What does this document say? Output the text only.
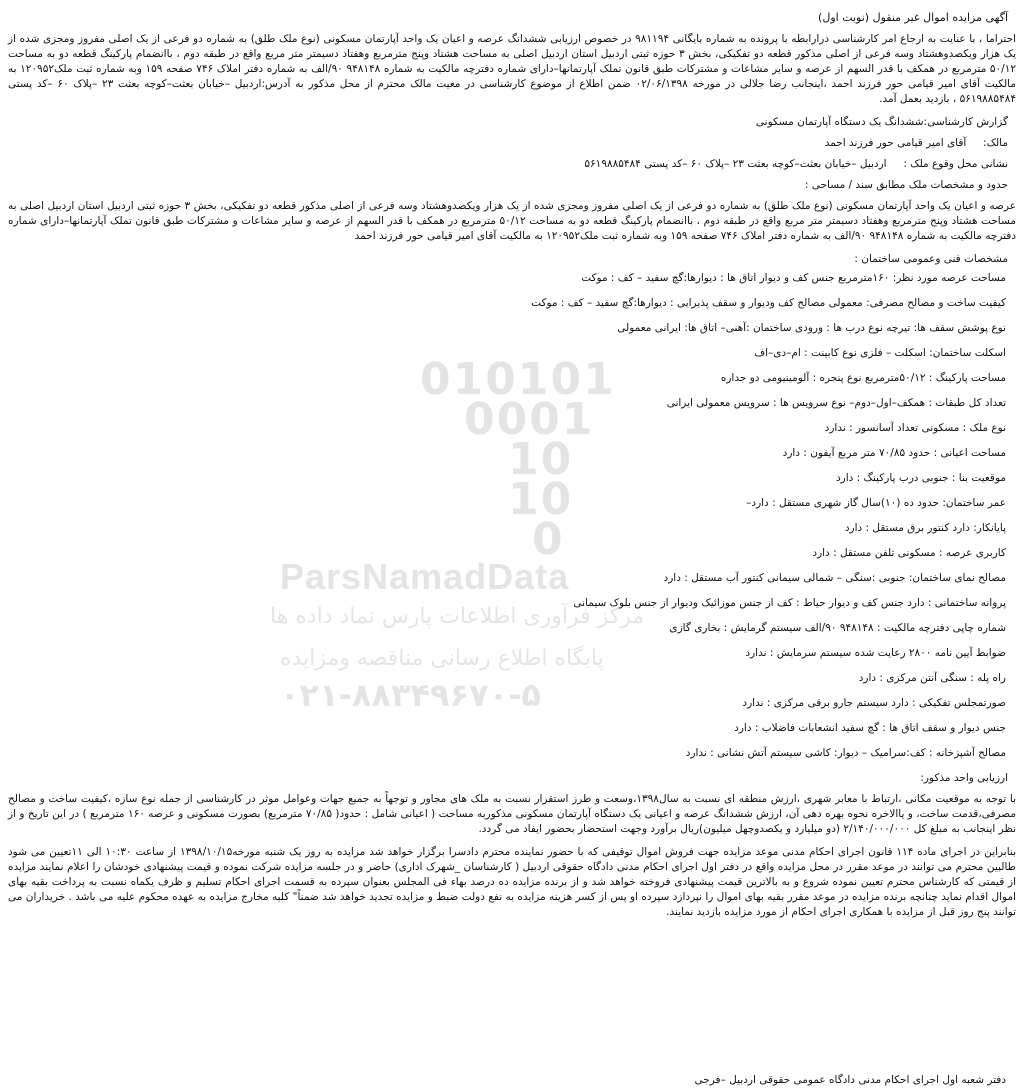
آگهی مزایده اموال غیر منقول (نوبت اول)

احتراما ، با عنایت به ارجاع امر کارشناسی درارابطه با پرونده به شماره بایگانی ۹۸۱۱۹۴ در خصوص ارزیابی ششدانگ عرصه و اعیان یک واحد آپارتمان مسکونی (نوع ملک طلق) به شماره دو فرعی از یک اصلی مفروز ومجزی شده از یک هزار ویکصدوهشتاد وسه فرعی از اصلی مذکور قطعه دو تفکیکی، بخش ۳ حوزه ثبتی اردبیل استان اردبیل اصلی به مساحت هشتاد وپنج مترمربع وهفتاد دسیمتر متر مربع واقع در طبقه دوم ، باانضمام پارکینگ قطعه دو به مساحت ۵۰/۱۲ مترمربع در همکف با قدر السهم از عرصه و سایر مشاعات و مشترکات طبق قانون تملک آپارتمانها–دارای شماره دفترچه مالکیت به شماره ۹۴۸۱۴۸ ۹۰/الف به شماره دفتر املاک ۷۴۶ صفحه ۱۵۹ وبه شماره ثبت ملک۱۲۰۹۵۲ به مالکیت آقای امیر قیامی حور فرزند احمد ،اینجانب رضا جلالی در مورخه ۰۲/۰۶/۱۳۹۸ ضمن اطلاع از موضوع کارشناسی در معیت مالک محترم از محل مذکور به آدرس:اردبیل –خیابان بعثت–کوچه بعثت ۲۳ –پلاک ۶۰ –کد پستی ۵۶۱۹۸۸۵۴۸۴ ، بازدید بعمل آمد.

گزارش کارشناسی:ششدانگ یک دستگاه آپارتمان مسکونی

مالک:     آقای امیر قیامی حور فرزند احمد

نشانی محل وقوع ملک :     اردبیل –خیابان بعثت–کوچه بعثت ۲۳ –پلاک ۶۰ –کد پستی ۵۶۱۹۸۸۵۴۸۴

حدود و مشخصات ملک مطابق سند / مساحی :

عرصه و اعیان یک واحد آپارتمان مسکونی (نوع ملک طلق) به شماره دو فرعی از یک اصلی مفروز ومجزی شده از یک هزار ویکصدوهشتاد وسه فرعی از اصلی مذکور قطعه دو تفکیکی، بخش ۳ حوزه ثبتی اردبیل استان اردبیل اصلی به مساحت هشتاد وپنج مترمربع وهفتاد دسیمتر متر مربع واقع در طبقه دوم ، باانضمام پارکینگ قطعه دو به مساحت ۵۰/۱۲ مترمربع در همکف با قدر السهم از عرصه و سایر مشاعات و مشترکات طبق قانون تملک آپارتمانها–دارای شماره دفترچه مالکیت به شماره ۹۴۸۱۴۸ ۹۰/الف به شماره دفتر املاک ۷۴۶ صفحه ۱۵۹ وبه شماره ثبت ملک۱۲۰۹۵۲ به مالکیت آقای امیر قیامی حور فرزند احمد

مشخصات فنی وعمومی ساختمان :

مساحت عرصه مورد نظر: ۱۶۰مترمربع جنس کف و دیوار اتاق ها : دیوارها:گچ سفید – کف : موکت

کیفیت ساخت و مصالح مصرفی: معمولی مصالح کف ودیوار و سقف پذیرایی : دیوارها:گچ سفید – کف : موکت

نوع پوشش سقف ها: تیرچه نوع درب ها : ورودی ساختمان :آهنی– اتاق ها: ایرانی معمولی

اسکلت ساختمان: اسکلت – فلزی نوع کابینت : ام–دی–اف

مساحت پارکینگ : ۵۰/۱۲مترمربع نوع پنجره : آلومینیومی دو جداره

تعداد کل طبقات : همکف–اول–دوم– نوع سرویس ها : سرویس معمولی ایرانی

نوع ملک : مسکونی تعداد آسانسور : ندارد

مساحت اعیانی : حدود ۷۰/۸۵ متر مربع آیفون : دارد

موقعیت بنا : جنوبی درب پارکینگ : دارد

عمر ساختمان: حدود ده (۱۰)سال گاز شهری مستقل : دارد–

پایانکار: دارد کنتور برق مستقل : دارد

کاربری عرصه : مسکونی تلفن مستقل : دارد

مصالح نمای ساختمان: جنوبی :سنگی – شمالی سیمانی کنتور آب مستقل : دارد

پروانه ساختمانی : دارد جنس کف و دیوار حیاط : کف از جنس موزائیک ودیوار از جنس بلوک سیمانی

شماره چاپی دفترچه مالکیت : ۹۴۸۱۴۸ ۹۰/الف سیستم گرمایش : بخاری گازی

ضوابط آیین نامه ۲۸۰۰ رعایت شده سیستم سرمایش : ندارد

راه پله : سنگی آنتن مرکزی : دارد

صورتمجلس تفکیکی : دارد سیستم جارو برقی مرکزی : ندارد

جنس دیوار و سقف اتاق ها : گچ سفید انشعابات فاضلاب : دارد

مصالح آشپزخانه : کف:سرامیک – دیوار: کاشی سیستم آتش نشانی : ندارد

ارزیابی واحد مذکور:

با توجه به موقعیت مکانی ،ارتباط با معابر شهری ،ارزش منطقه ای نسبت به سال۱۳۹۸،وسعت و طرز استقرار نسبت به ملک های مجاور و توجهاً به جمیع جهات وعوامل موثر در کارشناسی از جمله نوع سازه ،کیفیت ساخت و مصالح مصرفی،قدمت ساخت، و یاالاخره نحوه بهره دهی آن، ارزش ششدانگ عرصه و اعیانی یک دستگاه آپارتمان مسکونی مذکوربه مساحت ( اعیانی شامل : حدود( ۷۰/۸۵ مترمربع) بصورت مسکونی و عرصه ۱۶۰ مترمربع ) در این تاریخ و از نظر اینجانب به مبلغ کل ۲/۱۴۰/۰۰۰/۰۰۰ (دو میلیارد و یکصدوچهل میلیون)ریال برآورد وجهت استحضار بحضور ایفاد می گردد.

بنابراین در اجرای ماده ۱۱۴ قانون اجرای احکام مدنی موعد مزایده جهت فروش اموال توقیفی که با حضور نماینده محترم دادسرا برگزار خواهد شد مزایده به روز یک شنبه مورخه۱۳۹۸/۱۰/۱۵ از ساعت ۱۰:۳۰ الی ۱۱تعیین می شود طالبین محترم می توانند در موعد مقرر در محل مزایده واقع در دفتر اول اجرای احکام مدنی دادگاه حقوقی اردبیل ( کارشناسان _شهرک اداری) حاضر و در جلسه مزایده شرکت نموده و قیمت پیشنهادی خودشان را اعلام نمایند مزایده از قیمتی که کارشناس محترم تعیین نموده شروع و به بالاترین قیمت پیشنهادی فروخته خواهد شد و از برنده مزایده ده درصد بهاء فی المجلس بعنوان سپرده به قسمت اجرای احکام تسلیم و ظرف یکماه نسبت به پرداخت بقیه بهای اموال اقدام نماید چنانچه برنده مزایده در موعد مقرر بقیه بهای اموال را نپردازد سپرده او پس از کسر هزینه مزایده به نفع دولت ضبط و مزایده تجدید خواهد شد ضمناً" کلیه مخارج مزایده به عهده محکوم علیه می باشد . خریداران می توانند پنج روز قبل از مزایده با همکاری اجرای احکام از مورد مزایده بازدید نمایند.

دفتر شعبه اول اجرای احکام مدنی دادگاه عمومی حقوقی اردبیل –فرجی
010101
0001
10
10
0
ParsNamadData
مرکز فرآوری اطلاعات پارس نماد داده ها
پایگاه اطلاع رسانی مناقصه ومزایده
۰۲۱-۸۸۳۴۹۶۷۰-۵
